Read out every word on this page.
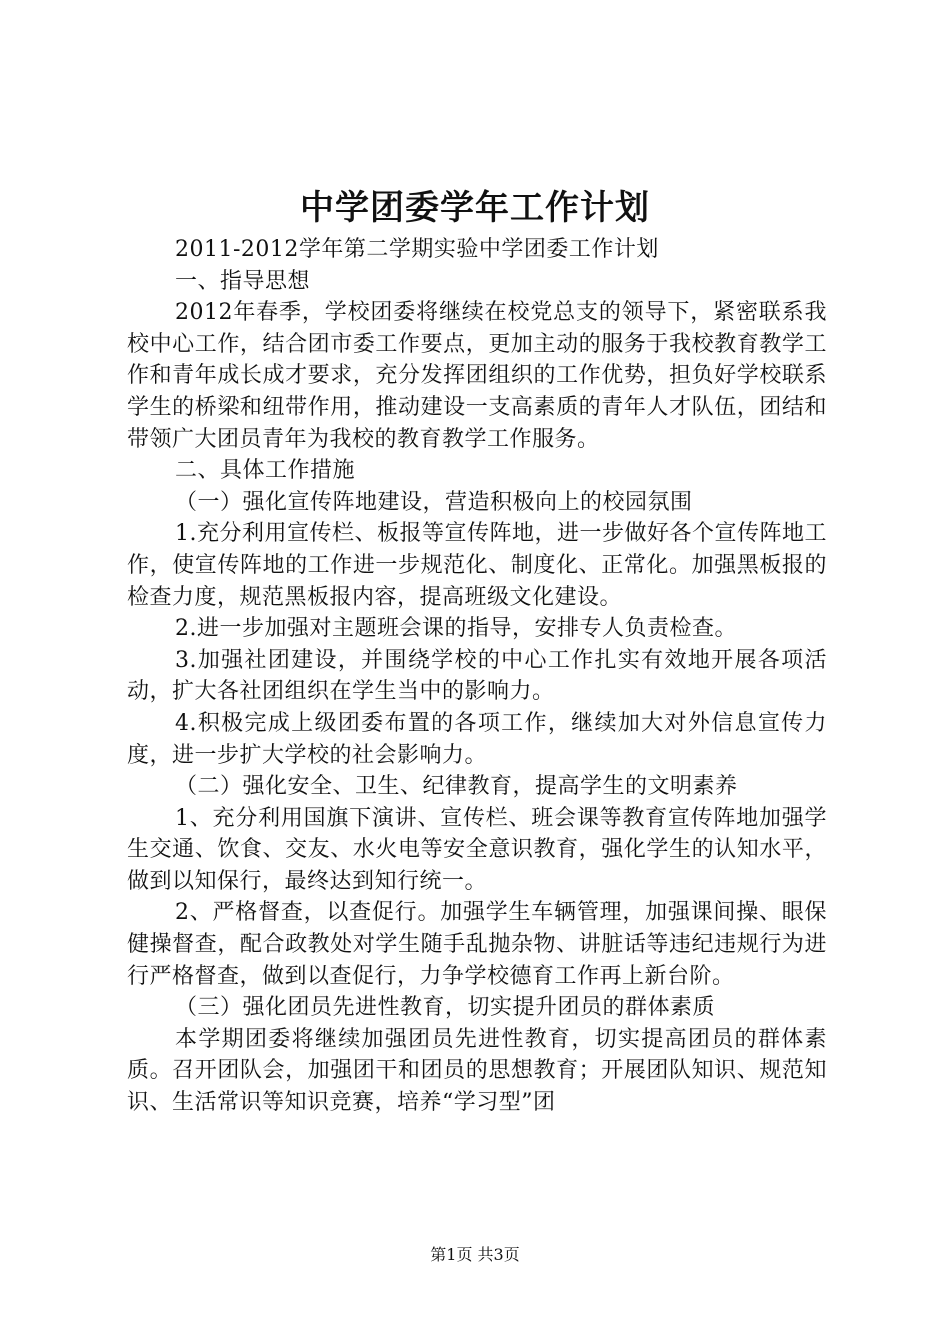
中学团委学年工作计划

2011-2012学年第二学期实验中学团委工作计划

一、指导思想

2012年春季，学校团委将继续在校党总支的领导下，紧密联系我校中心工作，结合团市委工作要点，更加主动的服务于我校教育教学工作和青年成长成才要求，充分发挥团组织的工作优势，担负好学校联系学生的桥梁和纽带作用，推动建设一支高素质的青年人才队伍，团结和带领广大团员青年为我校的教育教学工作服务。

二、具体工作措施

（一）强化宣传阵地建设，营造积极向上的校园氛围

1.充分利用宣传栏、板报等宣传阵地，进一步做好各个宣传阵地工作，使宣传阵地的工作进一步规范化、制度化、正常化。加强黑板报的检查力度，规范黑板报内容，提高班级文化建设。

2.进一步加强对主题班会课的指导，安排专人负责检查。

3.加强社团建设，并围绕学校的中心工作扎实有效地开展各项活动，扩大各社团组织在学生当中的影响力。

4.积极完成上级团委布置的各项工作，继续加大对外信息宣传力度，进一步扩大学校的社会影响力。

（二）强化安全、卫生、纪律教育，提高学生的文明素养

1、充分利用国旗下演讲、宣传栏、班会课等教育宣传阵地加强学生交通、饮食、交友、水火电等安全意识教育，强化学生的认知水平，做到以知保行，最终达到知行统一。

2、严格督查，以查促行。加强学生车辆管理，加强课间操、眼保健操督查，配合政教处对学生随手乱抛杂物、讲脏话等违纪违规行为进行严格督查，做到以查促行，力争学校德育工作再上新台阶。

（三）强化团员先进性教育，切实提升团员的群体素质

本学期团委将继续加强团员先进性教育，切实提高团员的群体素质。召开团队会，加强团干和团员的思想教育；开展团队知识、规范知识、生活常识等知识竞赛，培养“学习型”团

第1页 共3页
